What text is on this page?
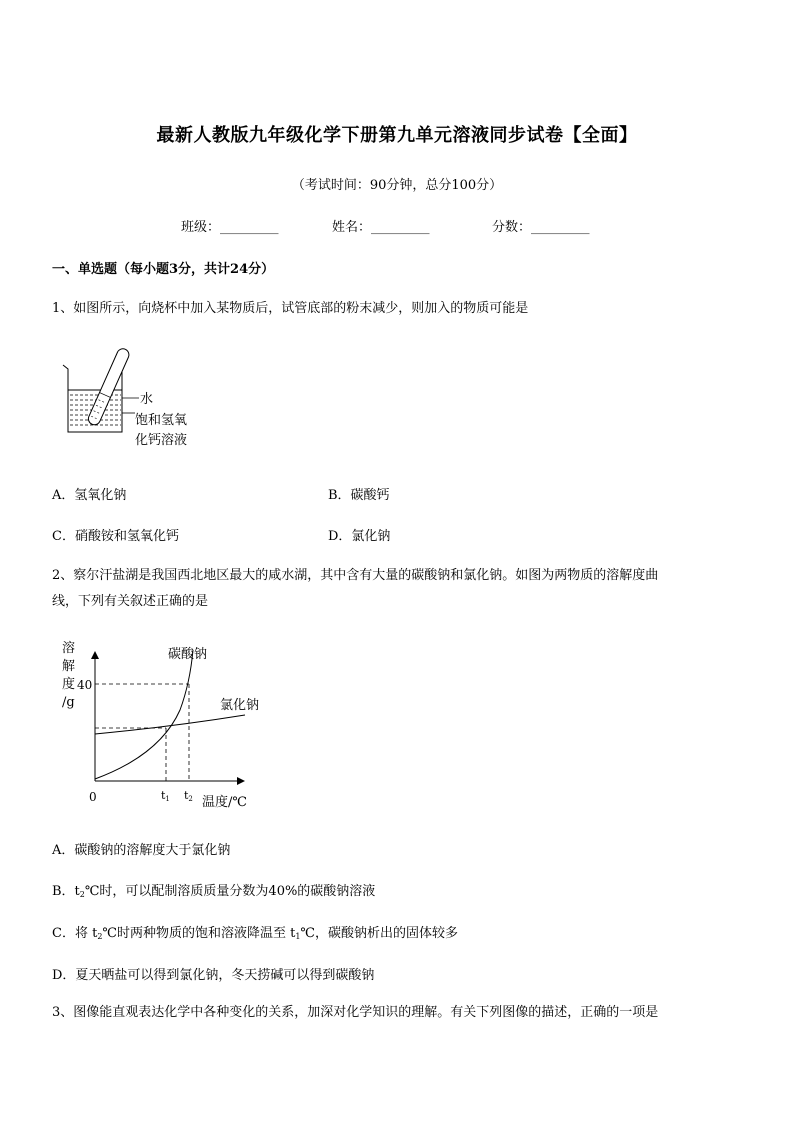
最新人教版九年级化学下册第九单元溶液同步试卷【全面】
（考试时间：90分钟，总分100分）
班级：_________	姓名：_________	分数：_________
一、单选题（每小题3分，共计24分）
1、如图所示，向烧杯中加入某物质后，试管底部的粉末减少，则加入的物质可能是
水
饱和氢氧
化钙溶液
A．氢氧化钠	B．碳酸钙
C．硝酸铵和氢氧化钙	D．氯化钠
2、察尔汗盐湖是我国西北地区最大的咸水湖，其中含有大量的碳酸钠和氯化钠。如图为两物质的溶解度曲
线，下列有关叙述正确的是
溶
解
度
/g
40
0	t1 t2 温度/℃
碳酸钠
氯化钠
A．碳酸钠的溶解度大于氯化钠
B．$t_2℃$时，可以配制溶质质量分数为40%的碳酸钠溶液
C．将 $t_2℃$时两种物质的饱和溶液降温至 $t_1℃$，碳酸钠析出的固体较多
D．夏天晒盐可以得到氯化钠，冬天捞碱可以得到碳酸钠
3、图像能直观表达化学中各种变化的关系，加深对化学知识的理解。有关下列图像的描述，正确的一项是
